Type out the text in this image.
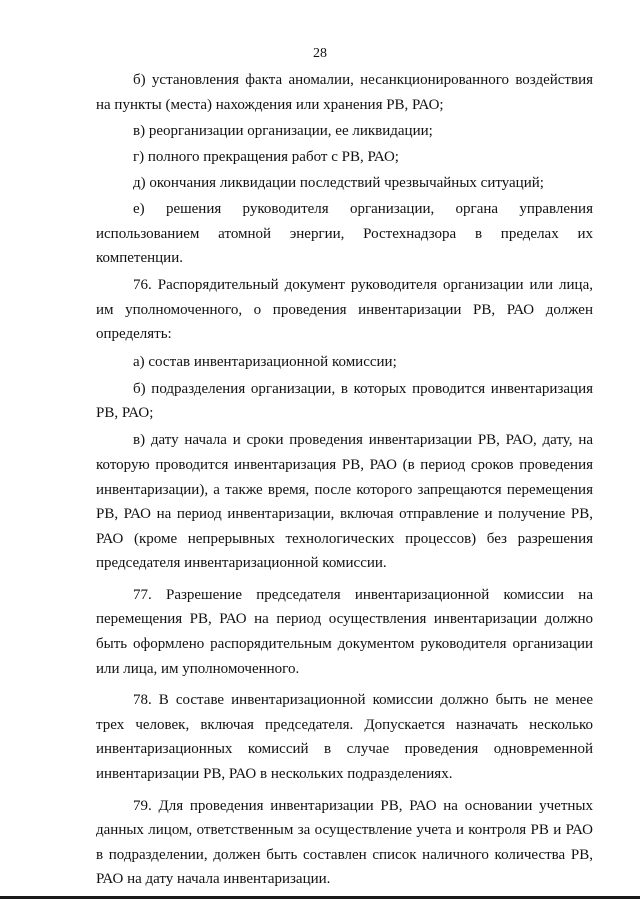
28

б) установления факта аномалии, несанкционированного воздействия на пункты (места) нахождения или хранения РВ, РАО;

в) реорганизации организации, ее ликвидации;

г) полного прекращения работ с РВ, РАО;

д) окончания ликвидации последствий чрезвычайных ситуаций;

е) решения руководителя организации, органа управления использованием атомной энергии, Ростехнадзора в пределах их компетенции.

76. Распорядительный документ руководителя организации или лица, им уполномоченного, о проведения инвентаризации РВ, РАО должен определять:

а) состав инвентаризационной комиссии;

б) подразделения организации, в которых проводится инвентаризация РВ, РАО;

в) дату начала и сроки проведения инвентаризации РВ, РАО, дату, на которую проводится инвентаризация РВ, РАО (в период сроков проведения инвентаризации), а также время, после которого запрещаются перемещения РВ, РАО на период инвентаризации, включая отправление и получение РВ, РАО (кроме непрерывных технологических процессов) без разрешения председателя инвентаризационной комиссии.

77. Разрешение председателя инвентаризационной комиссии на перемещения РВ, РАО на период осуществления инвентаризации должно быть оформлено распорядительным документом руководителя организации или лица, им уполномоченного.

78. В составе инвентаризационной комиссии должно быть не менее трех человек, включая председателя. Допускается назначать несколько инвентаризационных комиссий в случае проведения одновременной инвентаризации РВ, РАО в нескольких подразделениях.

79. Для проведения инвентаризации РВ, РАО на основании учетных данных лицом, ответственным за осуществление учета и контроля РВ и РАО в подразделении, должен быть составлен список наличного количества РВ, РАО на дату начала инвентаризации.
